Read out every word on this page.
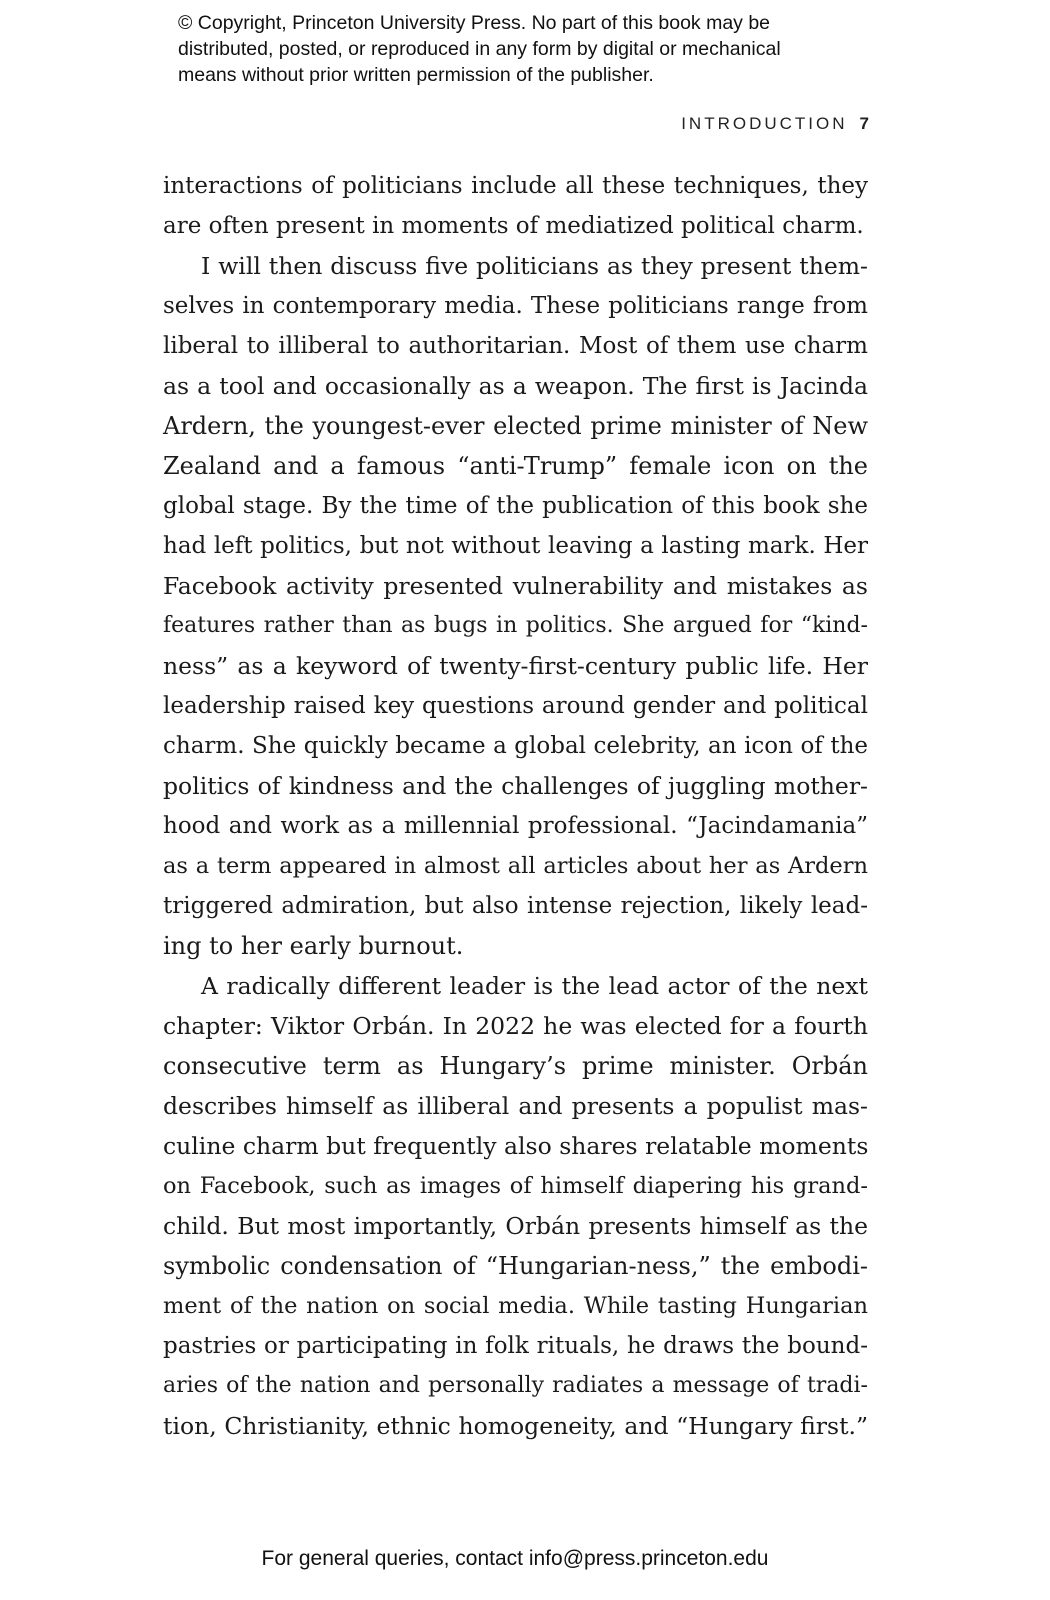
© Copyright, Princeton University Press. No part of this book may be
distributed, posted, or reproduced in any form by digital or mechanical
means without prior written permission of the publisher.
INTRODUCTION 7
interactions of politicians include all these techniques, they
are often present in moments of mediatized political charm.
I will then discuss five politicians as they present them-
selves in contemporary media. These politicians range from
liberal to illiberal to authoritarian. Most of them use charm
as a tool and occasionally as a weapon. The first is Jacinda
Ardern, the youngest-ever elected prime minister of New
Zealand and a famous “anti-Trump” female icon on the
global stage. By the time of the publication of this book she
had left politics, but not without leaving a lasting mark. Her
Facebook activity presented vulnerability and mistakes as
features rather than as bugs in politics. She argued for “kind-
ness” as a keyword of twenty-first-century public life. Her
leadership raised key questions around gender and political
charm. She quickly became a global celebrity, an icon of the
politics of kindness and the challenges of juggling mother-
hood and work as a millennial professional. “Jacindamania”
as a term appeared in almost all articles about her as Ardern
triggered admiration, but also intense rejection, likely lead-
ing to her early burnout.
A radically different leader is the lead actor of the next
chapter: Viktor Orbán. In 2022 he was elected for a fourth
consecutive term as Hungary’s prime minister. Orbán
describes himself as illiberal and presents a populist mas-
culine charm but frequently also shares relatable moments
on Facebook, such as images of himself diapering his grand-
child. But most importantly, Orbán presents himself as the
symbolic condensation of “Hungarian-ness,” the embodi-
ment of the nation on social media. While tasting Hungarian
pastries or participating in folk rituals, he draws the bound-
aries of the nation and personally radiates a message of tradi-
tion, Christianity, ethnic homogeneity, and “Hungary first.”
For general queries, contact info@press.princeton.edu
